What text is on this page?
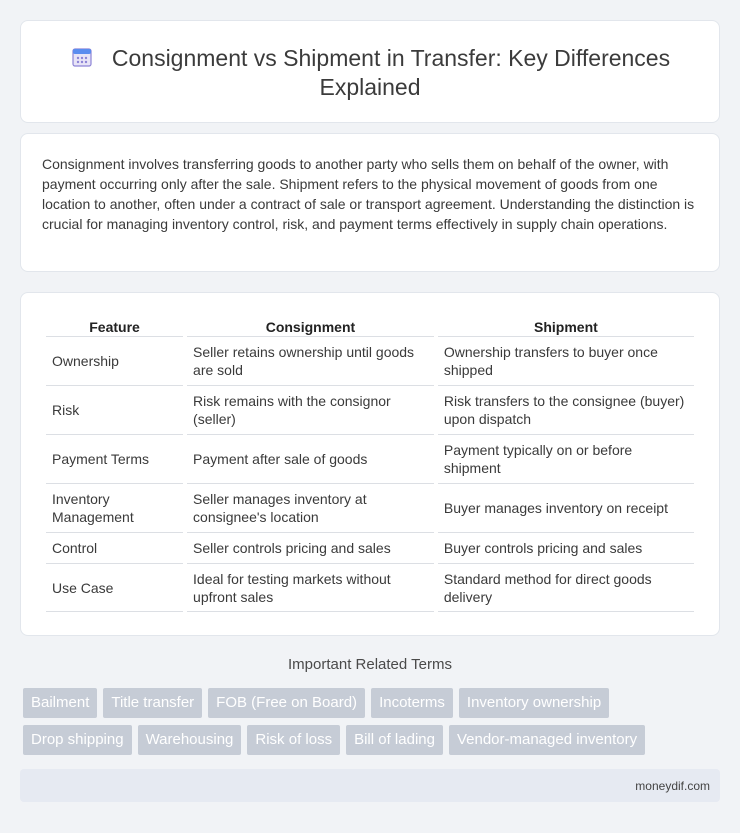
Consignment vs Shipment in Transfer: Key Differences Explained

Consignment involves transferring goods to another party who sells them on behalf of the owner, with payment occurring only after the sale. Shipment refers to the physical movement of goods from one location to another, often under a contract of sale or transport agreement. Understanding the distinction is crucial for managing inventory control, risk, and payment terms effectively in supply chain operations.

Feature	Consignment	Shipment
Ownership	Seller retains ownership until goods are sold	Ownership transfers to buyer once shipped
Risk	Risk remains with the consignor (seller)	Risk transfers to the consignee (buyer) upon dispatch
Payment Terms	Payment after sale of goods	Payment typically on or before shipment
Inventory Management	Seller manages inventory at consignee's location	Buyer manages inventory on receipt
Control	Seller controls pricing and sales	Buyer controls pricing and sales
Use Case	Ideal for testing markets without upfront sales	Standard method for direct goods delivery
Important Related Terms
Bailment	Title transfer	FOB (Free on Board)	Incoterms	Inventory ownership
Drop shipping	Warehousing	Risk of loss	Bill of lading	Vendor-managed inventory
moneydif.com
